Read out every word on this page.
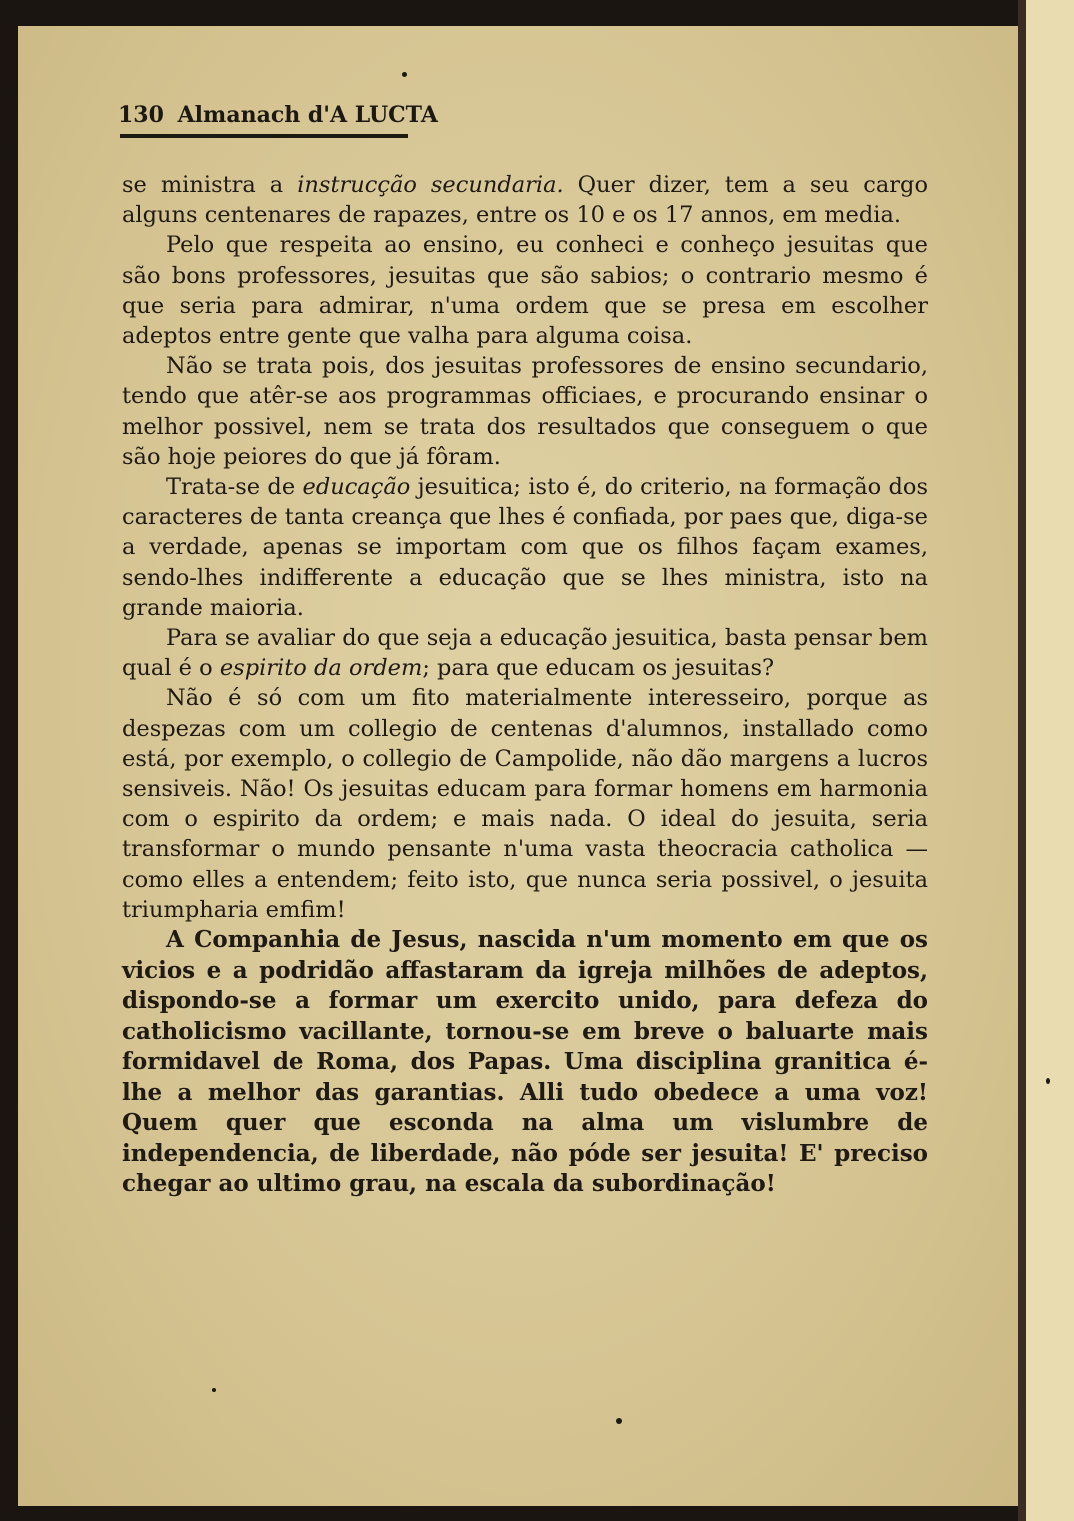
130 Almanach d'A LUCTA

se ministra a instrucção secundaria. Quer dizer, tem a seu cargo alguns centenares de rapazes, entre os 10 e os 17 annos, em media.

Pelo que respeita ao ensino, eu conheci e conheço jesuitas que são bons professores, jesuitas que são sabios; o contrario mesmo é que seria para admirar, n'uma ordem que se presa em escolher adeptos entre gente que valha para alguma coisa.

Não se trata pois, dos jesuitas professores de ensino secundario, tendo que atêr-se aos programmas officiaes, e procurando ensinar o melhor possivel, nem se trata dos resultados que conseguem o que são hoje peiores do que já fôram.

Trata-se de educação jesuitica; isto é, do criterio, na formação dos caracteres de tanta creança que lhes é confiada, por paes que, diga-se a verdade, apenas se importam com que os filhos façam exames, sendo-lhes indifferente a educação que se lhes ministra, isto na grande maioria.

Para se avaliar do que seja a educação jesuitica, basta pensar bem qual é o espirito da ordem; para que educam os jesuitas?

Não é só com um fito materialmente interesseiro, porque as despezas com um collegio de centenas d'alumnos, installado como está, por exemplo, o collegio de Campolide, não dão margens a lucros sensiveis. Não! Os jesuitas educam para formar homens em harmonia com o espirito da ordem; e mais nada. O ideal do jesuita, seria transformar o mundo pensante n'uma vasta theocracia catholica — como elles a entendem; feito isto, que nunca seria possivel, o jesuita triumpharia emfim!

A Companhia de Jesus, nascida n'um momento em que os vicios e a podridão affastaram da igreja milhões de adeptos, dispondo-se a formar um exercito unido, para defeza do catholicismo vacillante, tornou-se em breve o baluarte mais formidavel de Roma, dos Papas. Uma disciplina granitica é-lhe a melhor das garantias. Alli tudo obedece a uma voz! Quem quer que esconda na alma um vislumbre de independencia, de liberdade, não póde ser jesuita! E' preciso chegar ao ultimo grau, na escala da subordinação!
